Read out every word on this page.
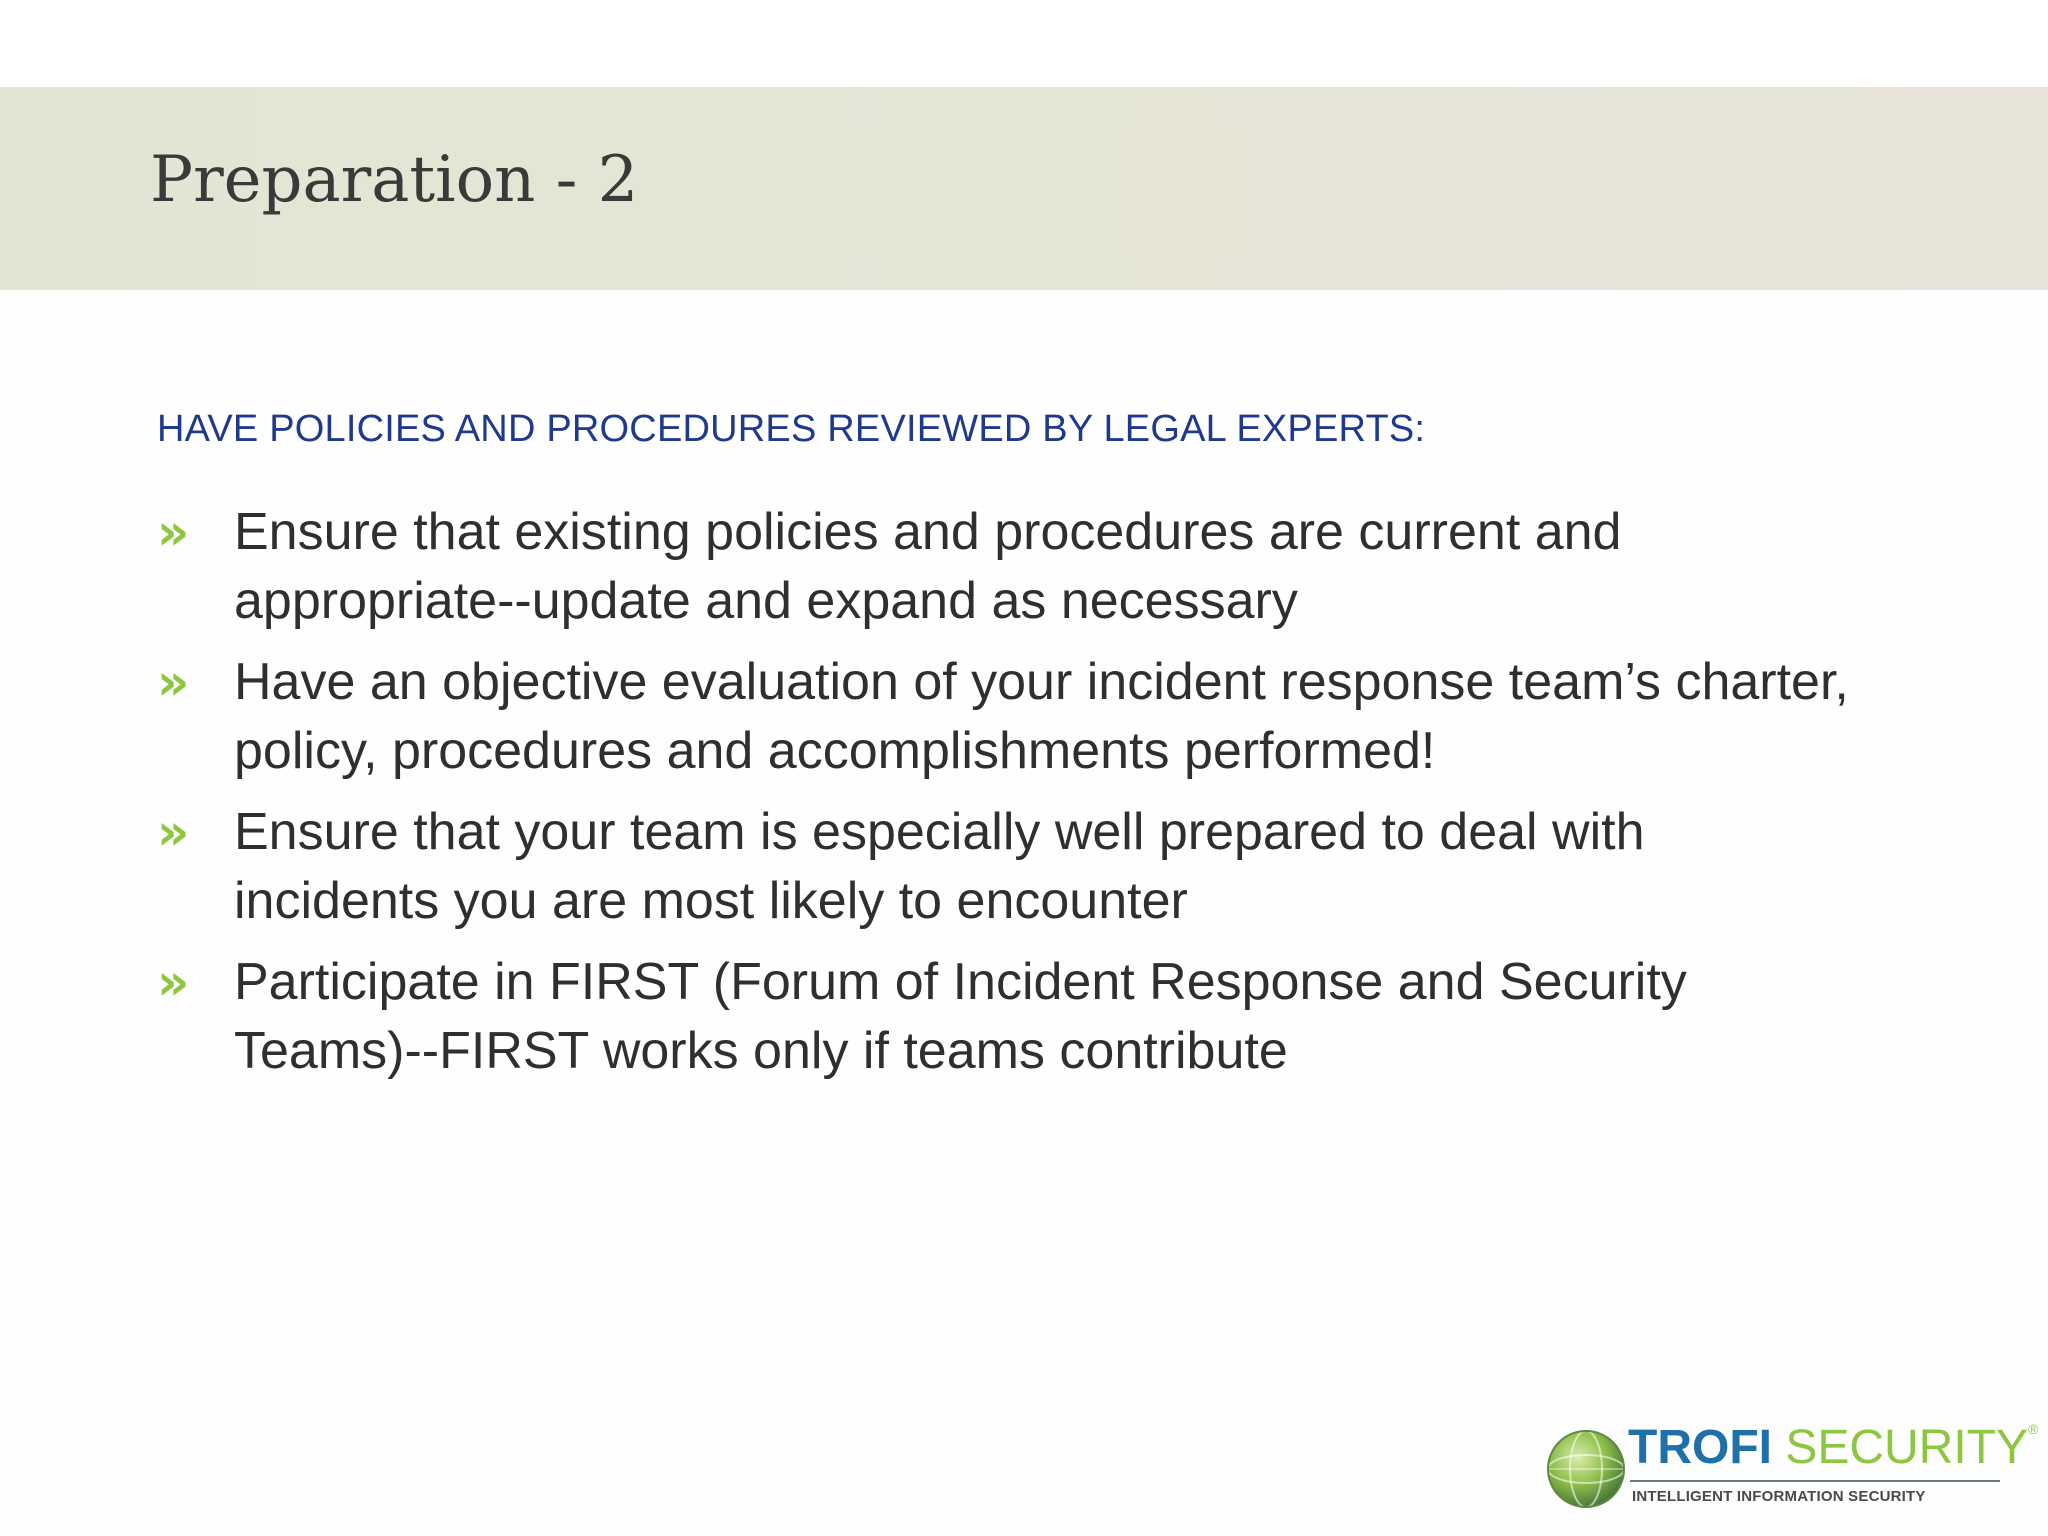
Preparation - 2
HAVE POLICIES AND PROCEDURES REVIEWED BY LEGAL EXPERTS:
» Ensure that existing policies and procedures are current and appropriate--update and expand as necessary
» Have an objective evaluation of your incident response team’s charter, policy, procedures and accomplishments performed!
» Ensure that your team is especially well prepared to deal with incidents you are most likely to encounter
» Participate in FIRST (Forum of Incident Response and Security Teams)--FIRST works only if teams contribute
TROFI SECURITY®
INTELLIGENT INFORMATION SECURITY
